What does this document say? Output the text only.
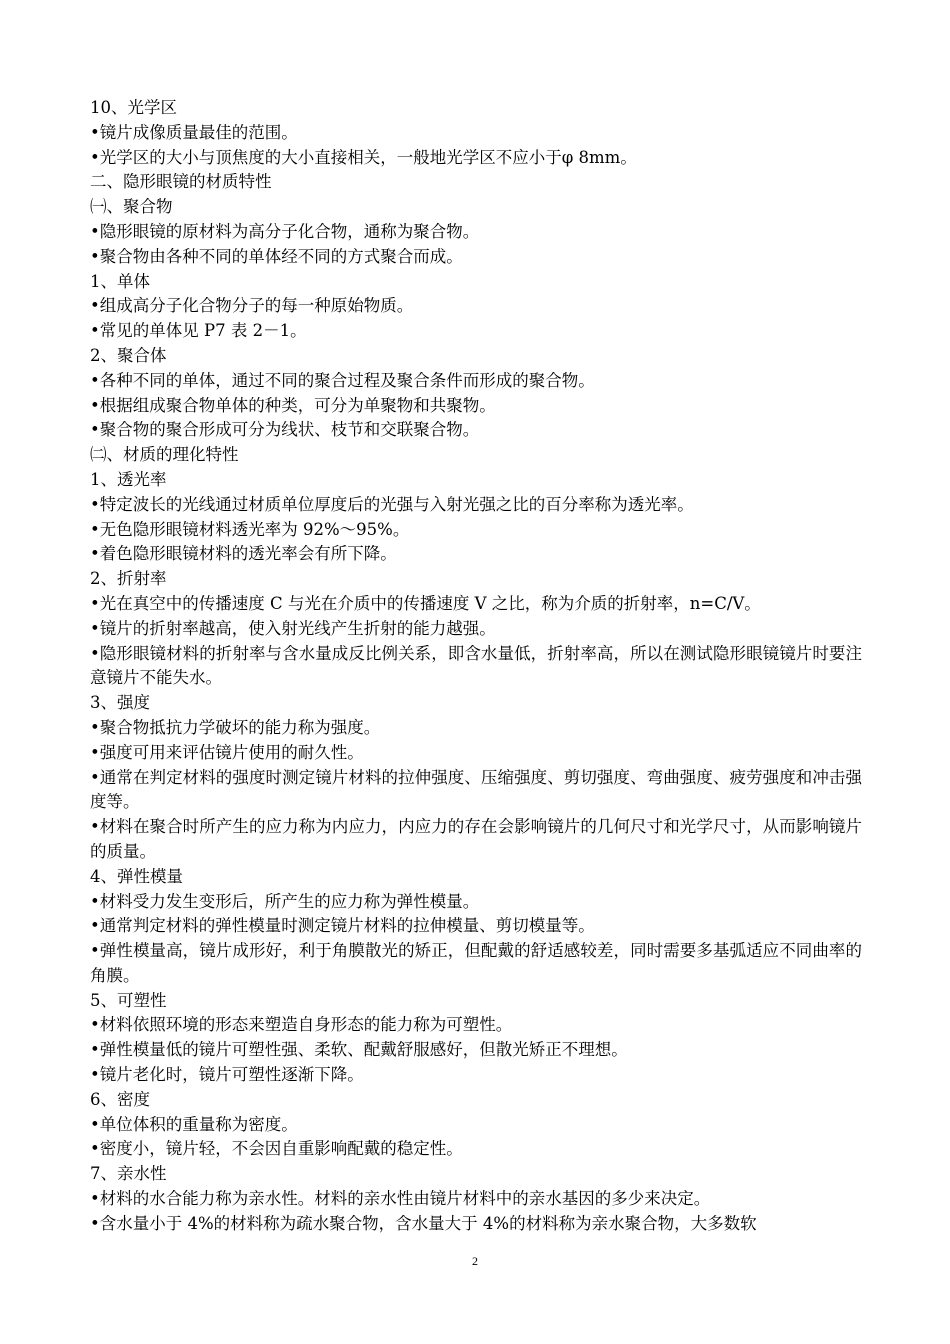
10、光学区

•镜片成像质量最佳的范围。

•光学区的大小与顶焦度的大小直接相关，一般地光学区不应小于φ 8mm。

二、隐形眼镜的材质特性

㈠、聚合物

•隐形眼镜的原材料为高分子化合物，通称为聚合物。

•聚合物由各种不同的单体经不同的方式聚合而成。

1、单体

•组成高分子化合物分子的每一种原始物质。

•常见的单体见 P7 表 2－1。

2、聚合体

•各种不同的单体，通过不同的聚合过程及聚合条件而形成的聚合物。

•根据组成聚合物单体的种类，可分为单聚物和共聚物。

•聚合物的聚合形成可分为线状、枝节和交联聚合物。

㈡、材质的理化特性

1、透光率

•特定波长的光线通过材质单位厚度后的光强与入射光强之比的百分率称为透光率。

•无色隐形眼镜材料透光率为 92%～95%。

•着色隐形眼镜材料的透光率会有所下降。

2、折射率

•光在真空中的传播速度 C 与光在介质中的传播速度 V 之比，称为介质的折射率，n=C/V。

•镜片的折射率越高，使入射光线产生折射的能力越强。

•隐形眼镜材料的折射率与含水量成反比例关系，即含水量低，折射率高，所以在测试隐形眼镜镜片时要注意镜片不能失水。

3、强度

•聚合物抵抗力学破坏的能力称为强度。

•强度可用来评估镜片使用的耐久性。

•通常在判定材料的强度时测定镜片材料的拉伸强度、压缩强度、剪切强度、弯曲强度、疲劳强度和冲击强度等。

•材料在聚合时所产生的应力称为内应力，内应力的存在会影响镜片的几何尺寸和光学尺寸，从而影响镜片的质量。

4、弹性模量

•材料受力发生变形后，所产生的应力称为弹性模量。

•通常判定材料的弹性模量时测定镜片材料的拉伸模量、剪切模量等。

•弹性模量高，镜片成形好，利于角膜散光的矫正，但配戴的舒适感较差，同时需要多基弧适应不同曲率的角膜。

5、可塑性

•材料依照环境的形态来塑造自身形态的能力称为可塑性。

•弹性模量低的镜片可塑性强、柔软、配戴舒服感好，但散光矫正不理想。

•镜片老化时，镜片可塑性逐渐下降。

6、密度

•单位体积的重量称为密度。

•密度小，镜片轻，不会因自重影响配戴的稳定性。

7、亲水性

•材料的水合能力称为亲水性。材料的亲水性由镜片材料中的亲水基因的多少来决定。

•含水量小于 4%的材料称为疏水聚合物，含水量大于 4%的材料称为亲水聚合物，大多数软

2
